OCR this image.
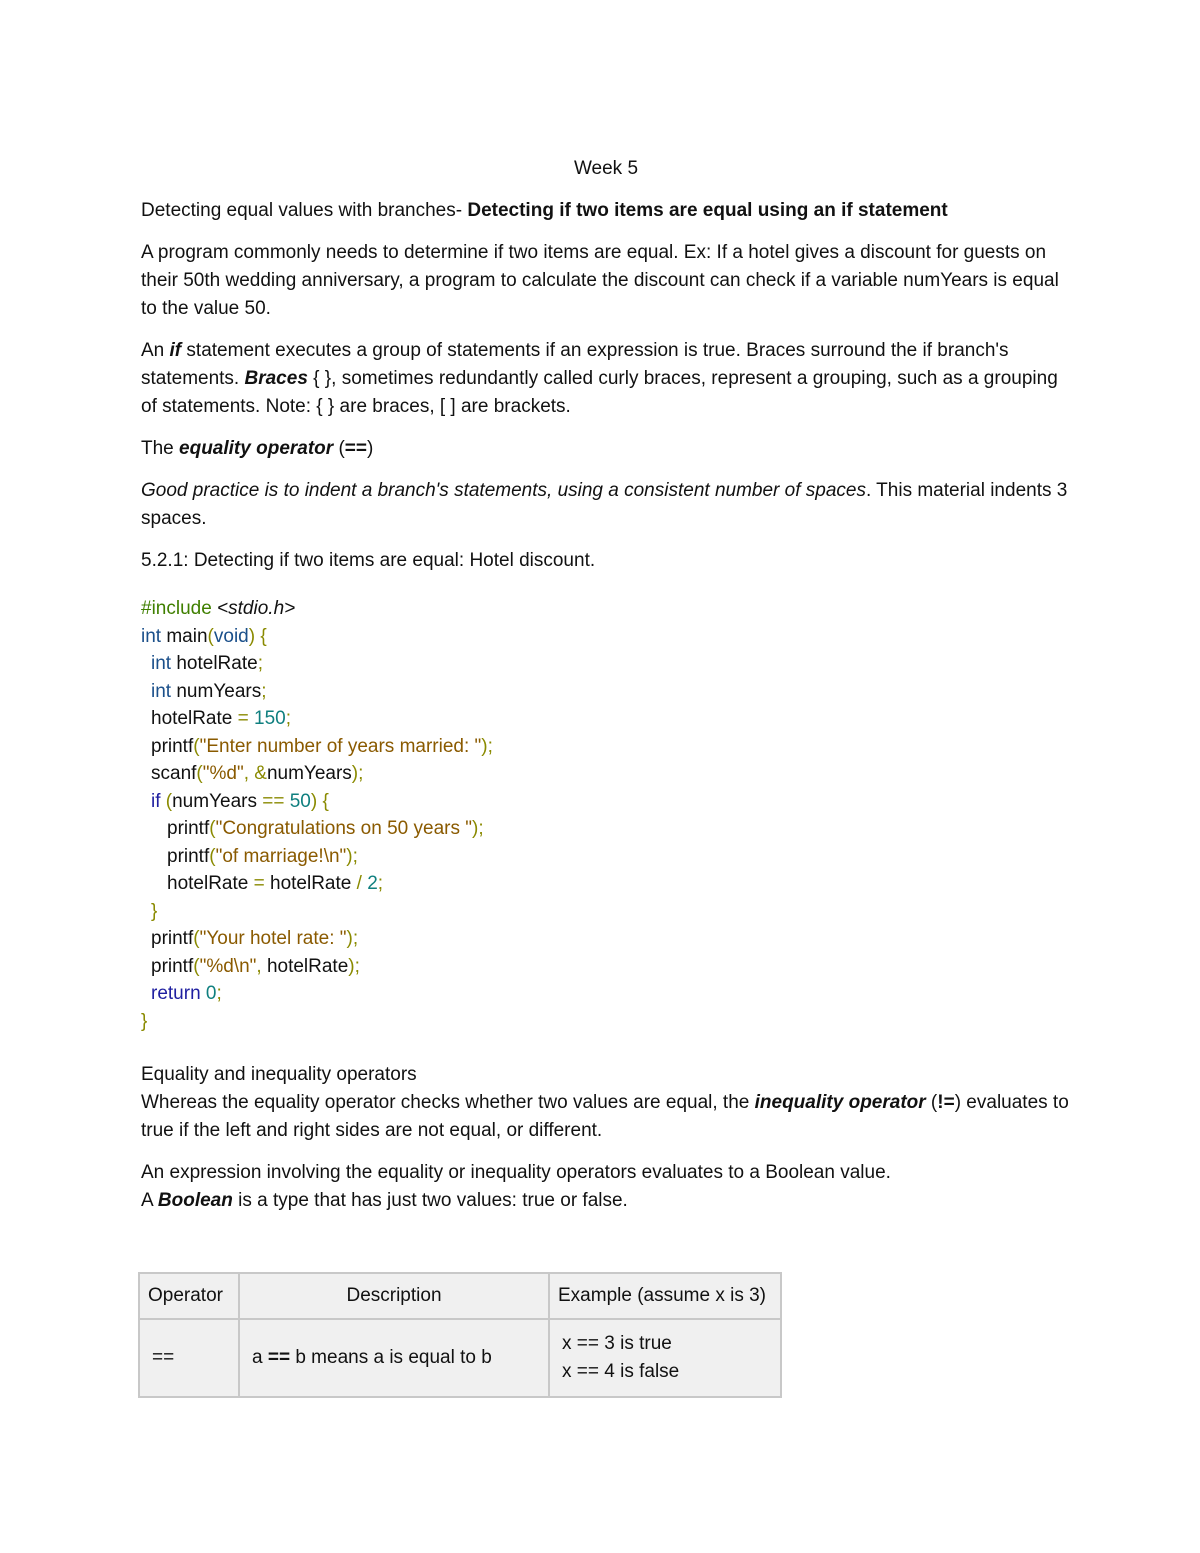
Week 5

Detecting equal values with branches- Detecting if two items are equal using an if statement

A program commonly needs to determine if two items are equal. Ex: If a hotel gives a discount for guests on their 50th wedding anniversary, a program to calculate the discount can check if a variable numYears is equal to the value 50.

An if statement executes a group of statements if an expression is true. Braces surround the if branch's statements. Braces { }, sometimes redundantly called curly braces, represent a grouping, such as a grouping of statements. Note: { } are braces, [ ] are brackets.

The equality operator (==)

Good practice is to indent a branch's statements, using a consistent number of spaces. This material indents 3 spaces.

5.2.1: Detecting if two items are equal: Hotel discount.

#include <stdio.h>
int main(void) {
int hotelRate;
int numYears;
hotelRate = 150;
printf("Enter number of years married: ");
scanf("%d", &numYears);
if (numYears == 50) {
printf("Congratulations on 50 years ");
printf("of marriage!\n");
hotelRate = hotelRate / 2;
}
printf("Your hotel rate: ");
printf("%d\n", hotelRate);
return 0;
}
Equality and inequality operators

Whereas the equality operator checks whether two values are equal, the inequality operator (!=) evaluates to true if the left and right sides are not equal, or different.

An expression involving the equality or inequality operators evaluates to a Boolean value.
A Boolean is a type that has just two values: true or false.

Operator	Description	Example (assume x is 3)
==	a == b means a is equal to b	x == 3 is true
x == 4 is false
